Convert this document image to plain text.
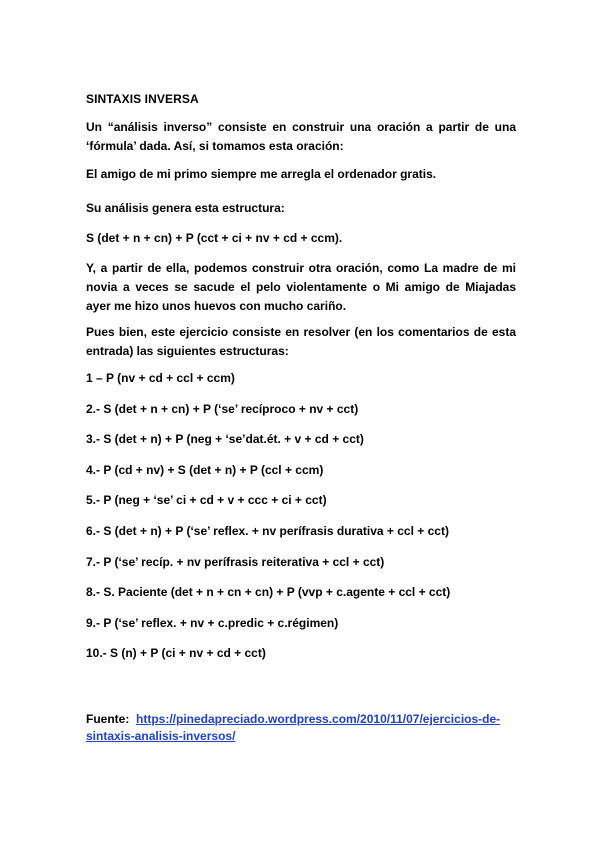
SINTAXIS INVERSA
Un “análisis inverso” consiste en construir una oración a partir de una ‘fórmula’ dada. Así, si tomamos esta oración:
El amigo de mi primo siempre me arregla el ordenador gratis.
Su análisis genera esta estructura:
S (det + n + cn) + P (cct + ci + nv + cd + ccm).
Y, a partir de ella, podemos construir otra oración, como La madre de mi novia a veces se sacude el pelo violentamente o Mi amigo de Miajadas ayer me hizo unos huevos con mucho cariño.
Pues bien, este ejercicio consiste en resolver (en los comentarios de esta entrada) las siguientes estructuras:
1 – P (nv + cd + ccl + ccm)
2.- S (det + n + cn) + P (‘se’ recíproco + nv + cct)
3.- S (det + n) + P (neg + ‘se’dat.ét. + v + cd + cct)
4.- P (cd + nv) + S (det + n) + P (ccl + ccm)
5.- P (neg + ‘se’ ci + cd + v + ccc + ci + cct)
6.- S (det + n) + P (‘se’ reflex. + nv perífrasis durativa + ccl + cct)
7.- P (‘se’ recíp. + nv perífrasis reiterativa + ccl + cct)
8.- S. Paciente (det + n + cn + cn) + P (vvp + c.agente + ccl + cct)
9.- P (‘se’ reflex. + nv + c.predic + c.régimen)
10.- S (n) + P (ci + nv + cd + cct)
Fuente: https://pinedapreciado.wordpress.com/2010/11/07/ejercicios-de-sintaxis-analisis-inversos/
